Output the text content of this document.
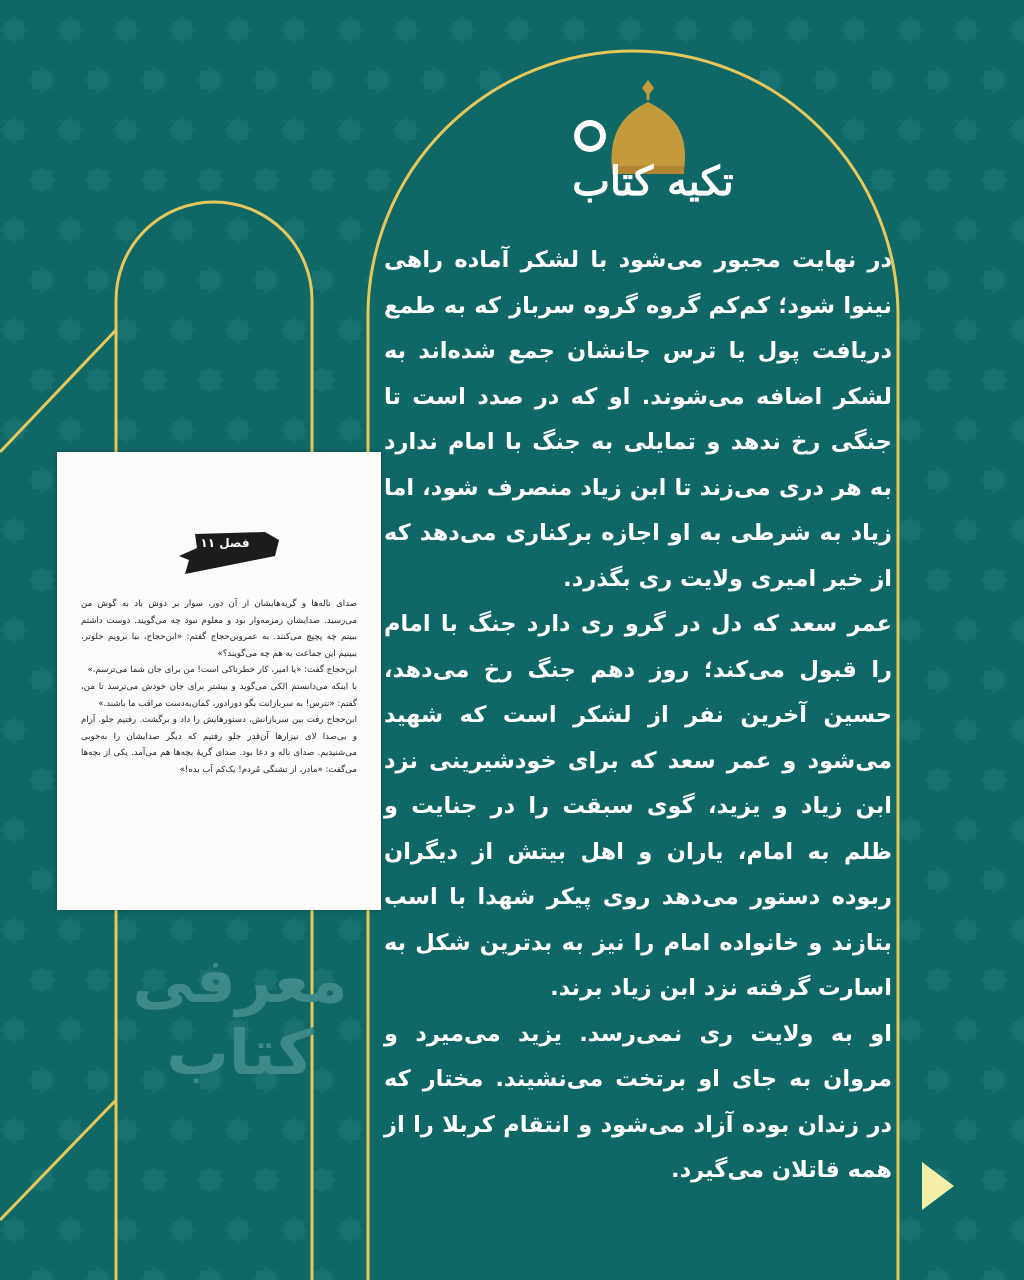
تکیه کتاب

در نهایت مجبور می‌شود با لشکر آماده راهی نینوا شود؛ کم‌کم گروه گروه سرباز که به طمع دریافت پول یا ترس جانشان جمع شده‌اند به لشکر اضافه می‌شوند. او که در صدد است تا جنگی رخ ندهد و تمایلی به جنگ با امام ندارد به هر دری می‌زند تا ابن زیاد منصرف شود، اما زیاد به شرطی به او اجازه برکناری می‌دهد که از خیر امیری ولایت ری بگذرد.

عمر سعد که دل در گرو ری دارد جنگ با امام را قبول می‌کند؛ روز دهم جنگ رخ می‌دهد، حسین آخرین نفر از لشکر است که شهید می‌شود و عمر سعد که برای خودشیرینی نزد ابن زیاد و یزید، گوی سبقت را در جنایت و ظلم به امام، یاران و اهل بیتش از دیگران ربوده دستور می‌دهد روی پیکر شهدا با اسب بتازند و خانواده امام را نیز به بدترین شکل به اسارت گرفته نزد ابن زیاد برند.

او به ولایت ری نمی‌رسد. یزید می‌میرد و مروان به جای او برتخت می‌نشیند. مختار که در زندان بوده آزاد می‌شود و انتقام کربلا را از همه قاتلان می‌گیرد.

فصل ۱۱

صدای ناله‌ها و گریه‌هایشان از آن دور، سوار بر دوش باد به گوش من می‌رسید. صدایشان زمزمه‌وار بود و معلوم نبود چه می‌گویند. دوست داشتم ببینم چه پچپچ می‌کنند. به عمروبن‌حجاج گفتم: «ابن‌حجاج، بیا برویم جلوتر، ببینیم این جماعت به هم چه می‌گویند؟»

ابن‌حجاج گفت: «یا امیر، کار خطرناکی است! من برای جان شما می‌ترسم.»

با اینکه می‌دانستم الکی می‌گوید و بیشتر برای جان خودش می‌ترسد تا من، گفتم: «نترس! به سربازانت بگو دورادور، کمان‌به‌دست مراقب ما باشند.»

ابن‌حجاج رفت بین سربازانش، دستورهایش را داد و برگشت. رفتیم جلو. آرام و بی‌صدا لای نیزارها آن‌قدر جلو رفتیم که دیگر صدایشان را به‌خوبی می‌شنیدیم. صدای ناله و دعا بود. صدای گریهٔ بچه‌ها هم می‌آمد. یکی از بچه‌ها می‌گفت: «مادر، از تشنگی مُردم! یک‌کم آب بده!»

معرفی
کتاب
